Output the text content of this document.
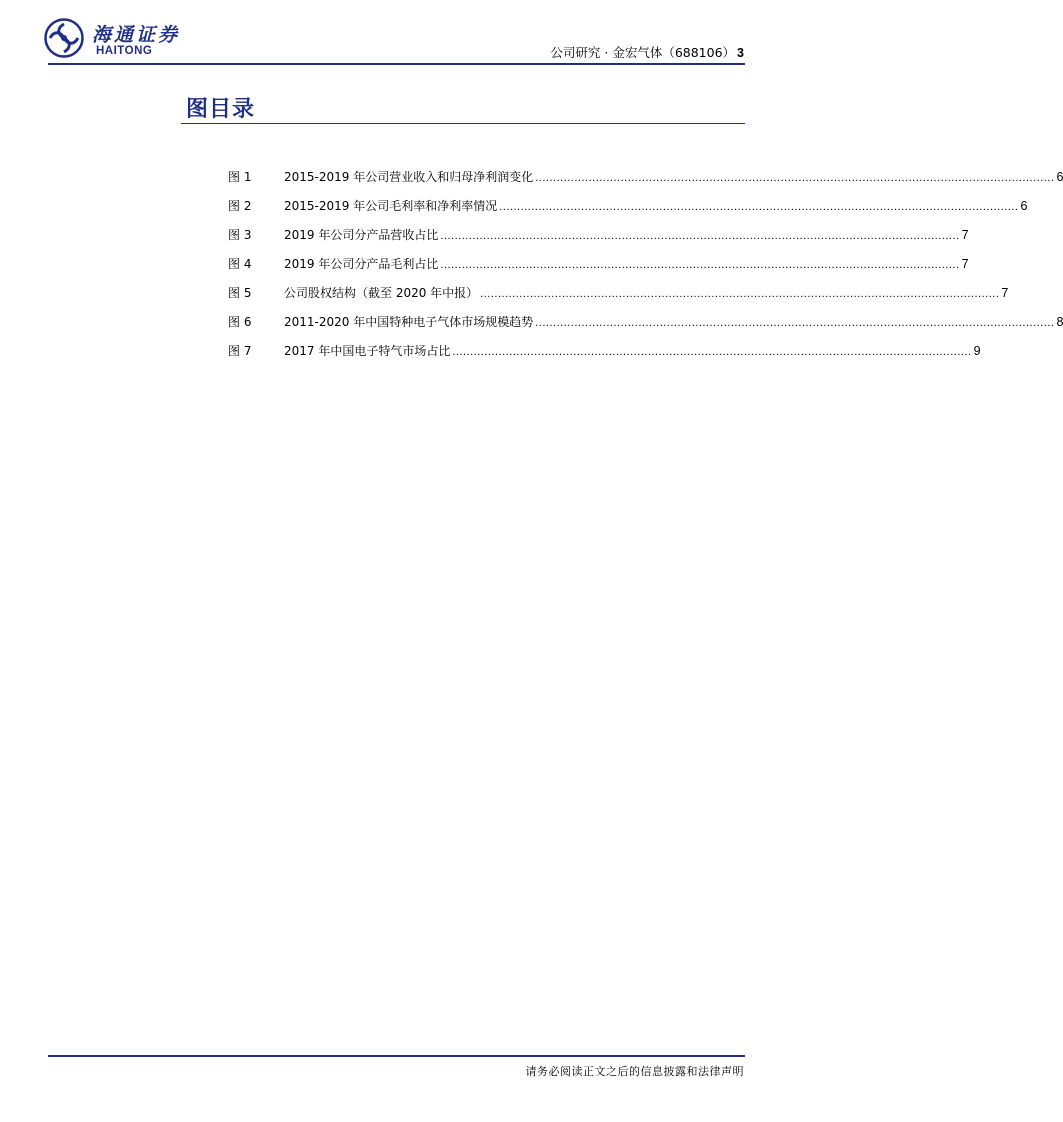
海通证券
HAITONG	公司研究 · 金宏气体（688106） 3
图目录
图 1	2015-2019 年公司营业收入和归母净利润变化 .................................................................................................................................................. 6
图 2	2015-2019 年公司毛利率和净利率情况 .................................................................................................................................................. 6
图 3	2019 年公司分产品营收占比 .................................................................................................................................................. 7
图 4	2019 年公司分产品毛利占比 .................................................................................................................................................. 7
图 5	公司股权结构（截至 2020 年中报） .................................................................................................................................................. 7
图 6	2011-2020 年中国特种电子气体市场规模趋势 .................................................................................................................................................. 8
图 7	2017 年中国电子特气市场占比 .................................................................................................................................................. 9
请务必阅读正文之后的信息披露和法律声明
